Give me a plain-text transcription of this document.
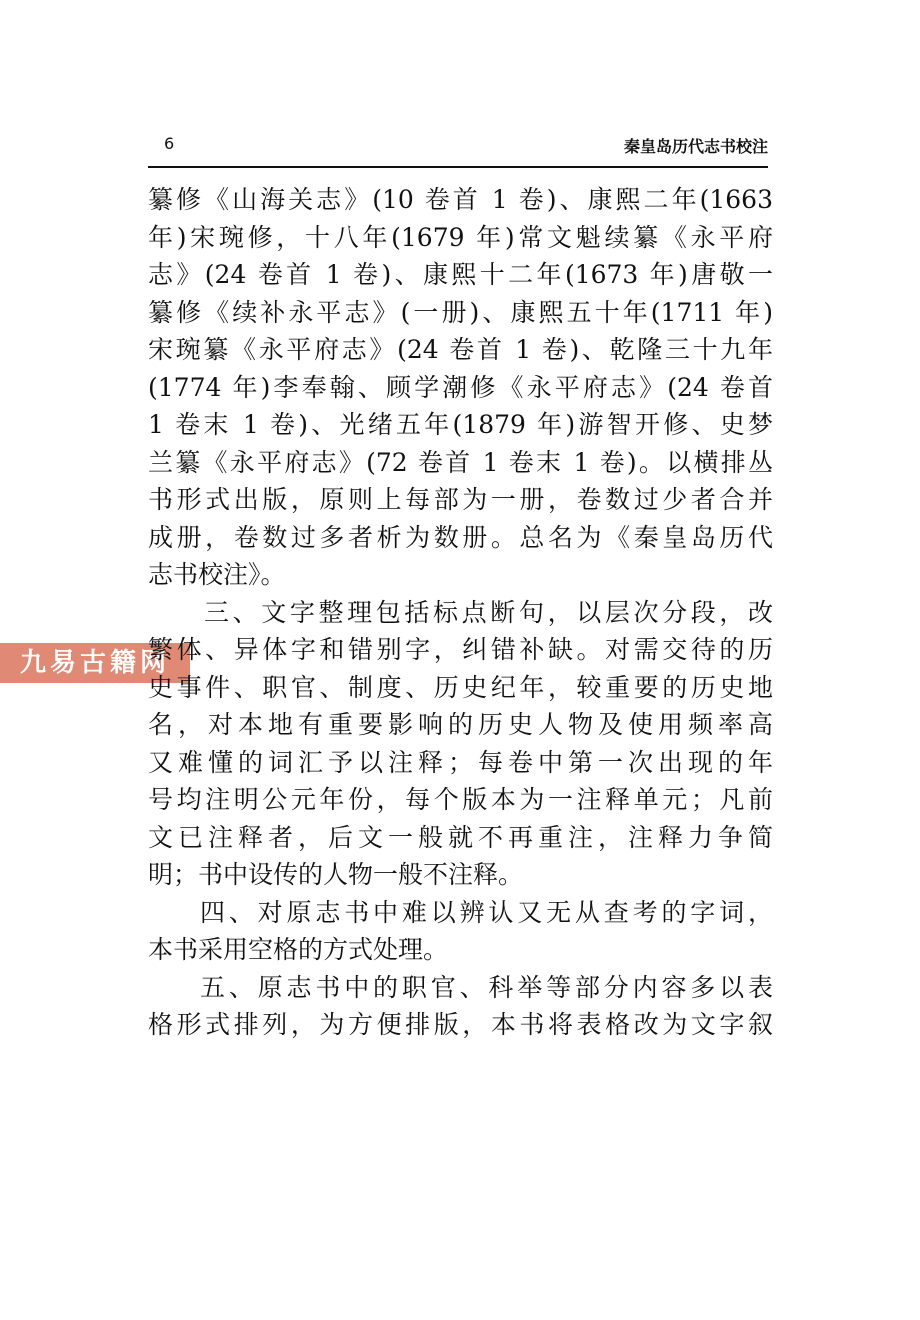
6	秦皇岛历代志书校注
九易古籍网
纂修《山海关志》(10 卷首 1 卷)、康熙二年(1663
年)宋琬修，十八年(1679 年)常文魁续纂《永平府
志》(24 卷首 1 卷)、康熙十二年(1673 年)唐敬一
纂修《续补永平志》(一册)、康熙五十年(1711 年)
宋琬纂《永平府志》(24 卷首 1 卷)、乾隆三十九年
(1774 年)李奉翰、顾学潮修《永平府志》(24 卷首
1 卷末 1 卷)、光绪五年(1879 年)游智开修、史梦
兰纂《永平府志》(72 卷首 1 卷末 1 卷)。以横排丛
书形式出版，原则上每部为一册，卷数过少者合并
成册，卷数过多者析为数册。总名为《秦皇岛历代
志书校注》。
三、文字整理包括标点断句，以层次分段，改
繁体、异体字和错别字，纠错补缺。对需交待的历
史事件、职官、制度、历史纪年，较重要的历史地
名，对本地有重要影响的历史人物及使用频率高
又难懂的词汇予以注释；每卷中第一次出现的年
号均注明公元年份，每个版本为一注释单元；凡前
文已注释者，后文一般就不再重注，注释力争简
明；书中设传的人物一般不注释。
四、对原志书中难以辨认又无从查考的字词，
本书采用空格的方式处理。
五、原志书中的职官、科举等部分内容多以表
格形式排列，为方便排版，本书将表格改为文字叙
